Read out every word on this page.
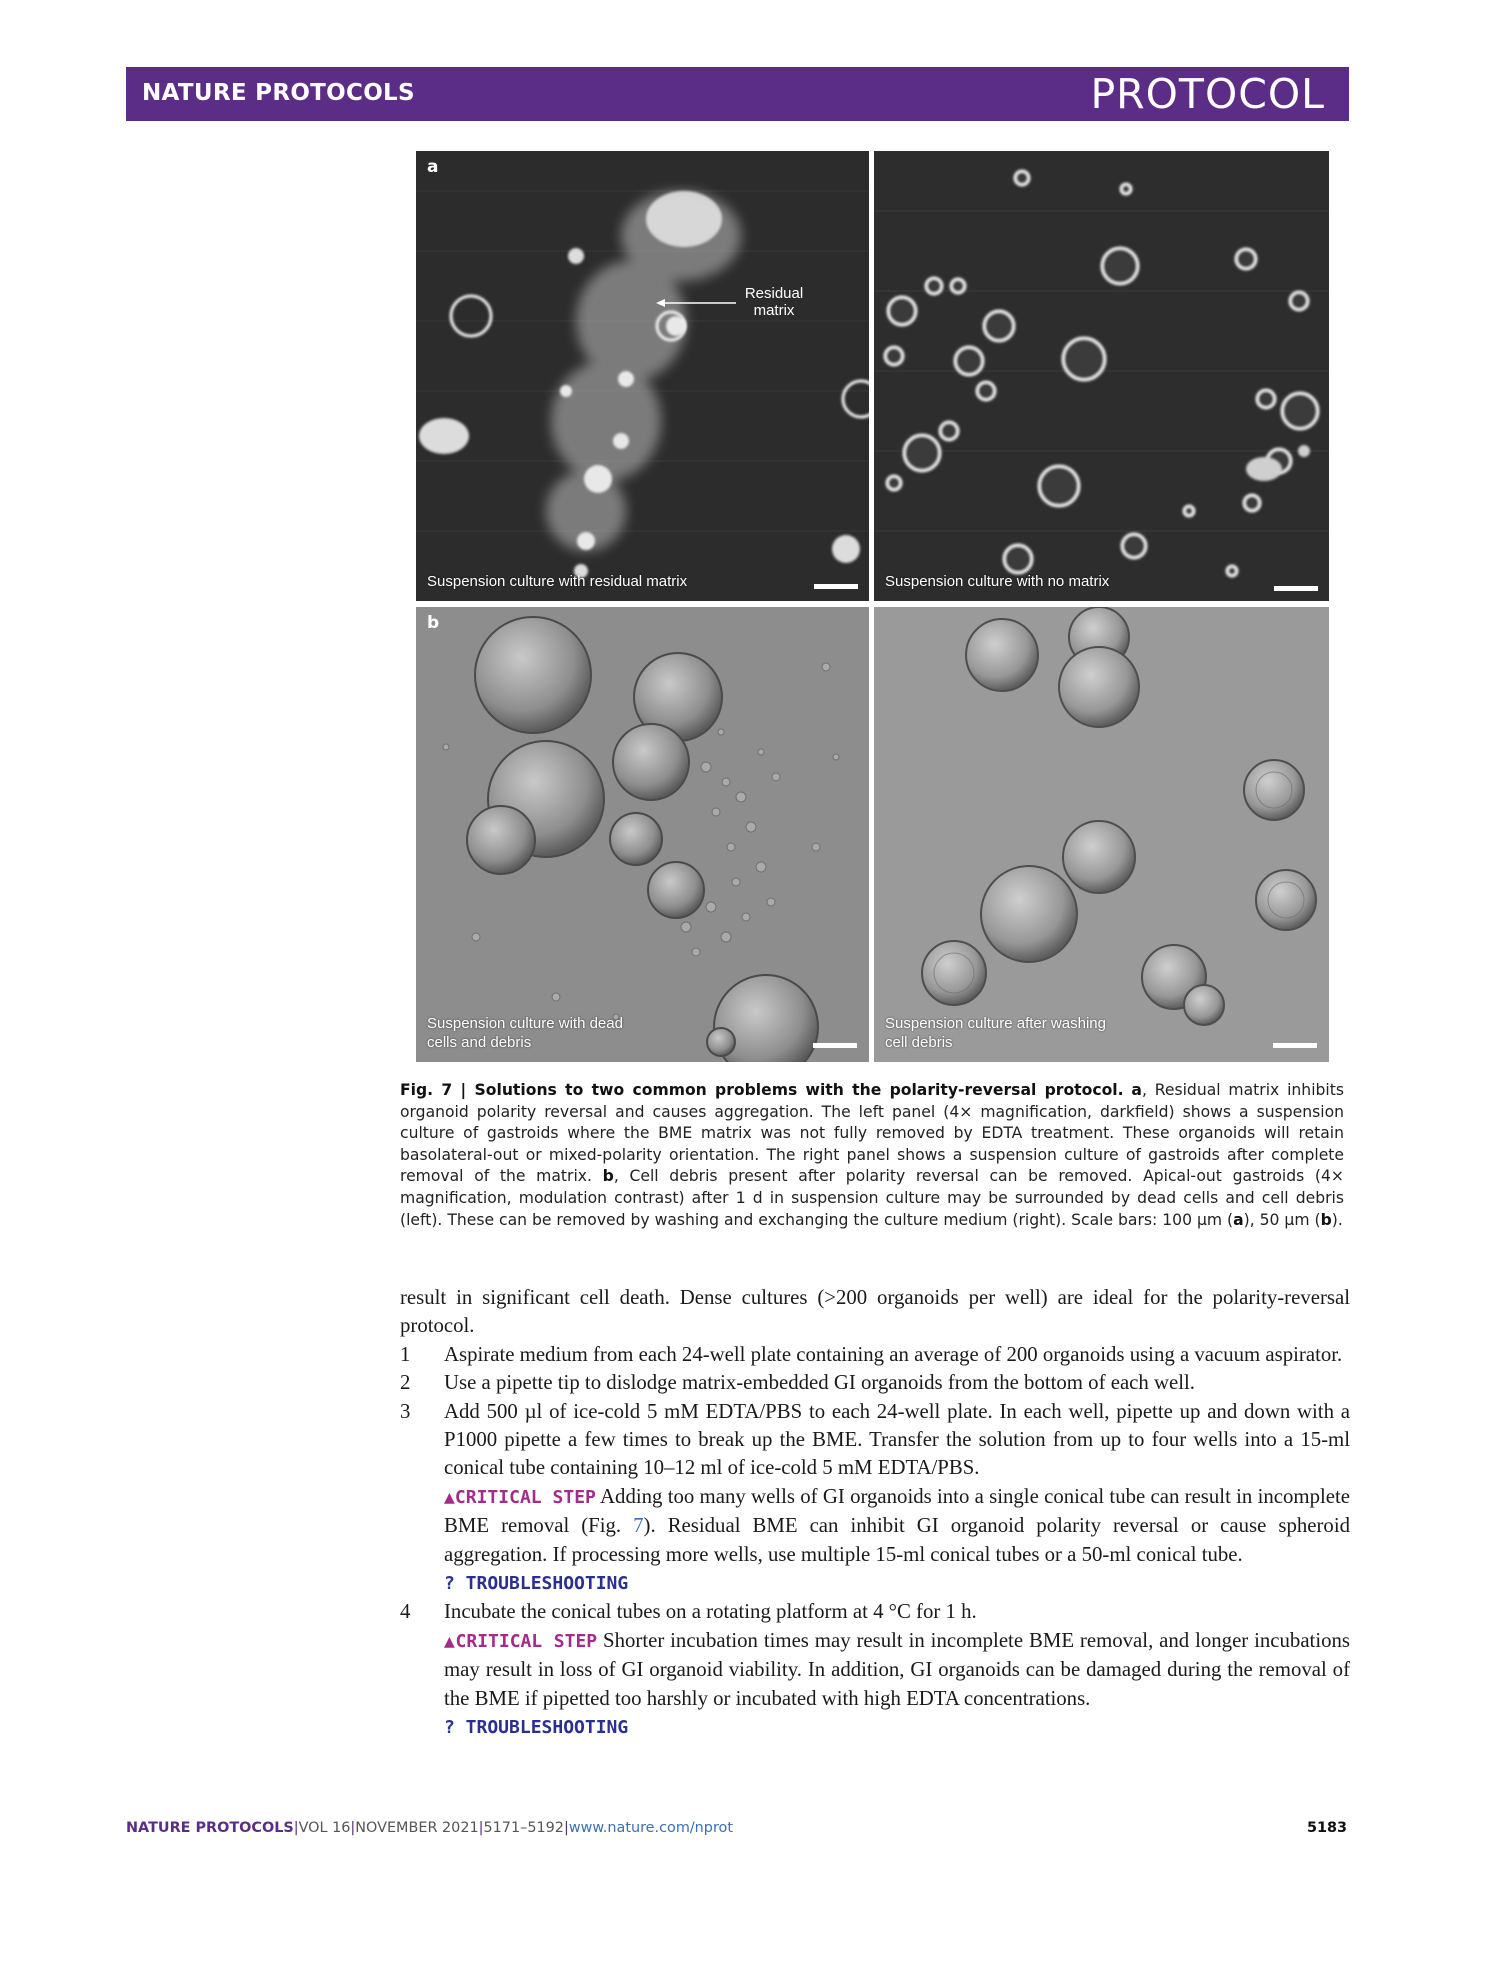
NATURE PROTOCOLS	PROTOCOL
a
Residual
matrix
Suspension culture with residual matrix	Suspension culture with no matrix
b
Suspension culture with dead cells and debris
Suspension culture after washing cell debris
Fig. 7 | Solutions to two common problems with the polarity-reversal protocol. a, Residual matrix inhibits organoid polarity reversal and causes aggregation. The left panel (4× magnification, darkfield) shows a suspension culture of gastroids where the BME matrix was not fully removed by EDTA treatment. These organoids will retain basolateral-out or mixed-polarity orientation. The right panel shows a suspension culture of gastroids after complete removal of the matrix. b, Cell debris present after polarity reversal can be removed. Apical-out gastroids (4× magnification, modulation contrast) after 1 d in suspension culture may be surrounded by dead cells and cell debris (left). These can be removed by washing and exchanging the culture medium (right). Scale bars: 100 µm (a), 50 µm (b).

result in significant cell death. Dense cultures (>200 organoids per well) are ideal for the polarity-reversal protocol.

1 Aspirate medium from each 24-well plate containing an average of 200 organoids using a vacuum aspirator.

2 Use a pipette tip to dislodge matrix-embedded GI organoids from the bottom of each well.

3 Add 500 µl of ice-cold 5 mM EDTA/PBS to each 24-well plate. In each well, pipette up and down with a P1000 pipette a few times to break up the BME. Transfer the solution from up to four wells into a 15-ml conical tube containing 10–12 ml of ice-cold 5 mM EDTA/PBS.

▲CRITICAL STEP Adding too many wells of GI organoids into a single conical tube can result in incomplete BME removal (Fig. 7). Residual BME can inhibit GI organoid polarity reversal or cause spheroid aggregation. If processing more wells, use multiple 15-ml conical tubes or a 50-ml conical tube.

? TROUBLESHOOTING

4 Incubate the conical tubes on a rotating platform at 4 °C for 1 h.

▲CRITICAL STEP Shorter incubation times may result in incomplete BME removal, and longer incubations may result in loss of GI organoid viability. In addition, GI organoids can be damaged during the removal of the BME if pipetted too harshly or incubated with high EDTA concentrations.

? TROUBLESHOOTING

NATURE PROTOCOLS|VOL 16|NOVEMBER 2021|5171–5192|www.nature.com/nprot	5183
